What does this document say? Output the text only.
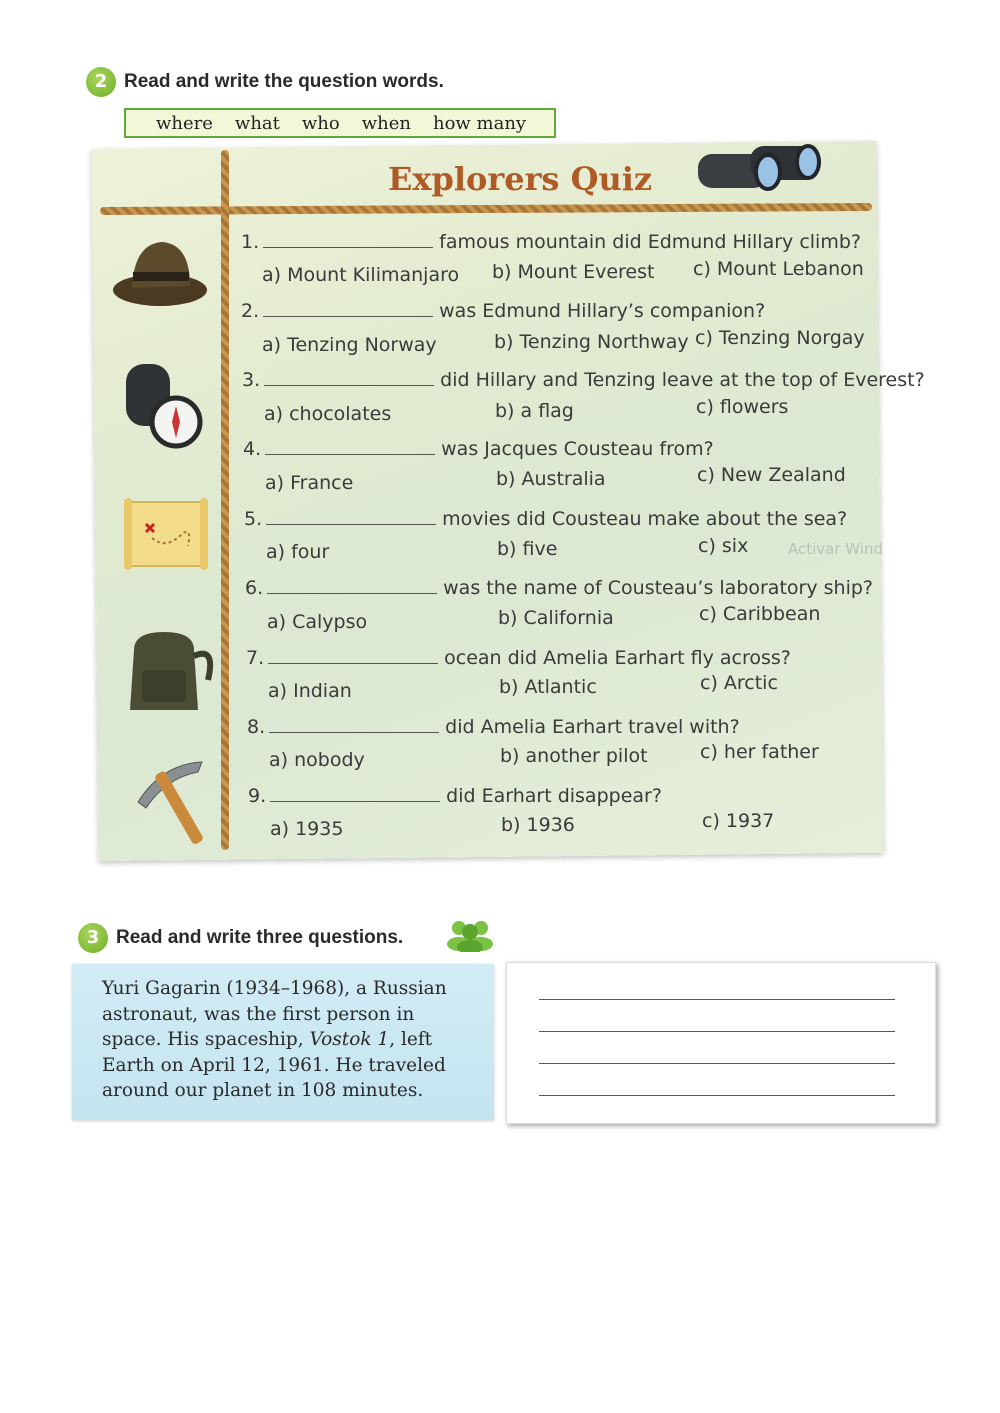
2 Read and write the question words.
where what who when how many
Explorers Quiz
1.	famous mountain did Edmund Hillary climb?
a) Mount Kilimanjaro b) Mount Everest c) Mount Lebanon
2.	was Edmund Hillary’s companion?
a) Tenzing Norway	b) Tenzing Northway c) Tenzing Norgay
3.	did Hillary and Tenzing leave at the top of Everest?
a) chocolates	b) a flag	c) flowers
4.	was Jacques Cousteau from?
a) France	b) Australia	c) New Zealand
5.	movies did Cousteau make about the sea?
a) four	b) five	c) six
6.	was the name of Cousteau’s laboratory ship?
a) Calypso	b) California	c) Caribbean
7.	ocean did Amelia Earhart fly across?
a) Indian	b) Atlantic	c) Arctic
8.	did Amelia Earhart travel with?
a) nobody	b) another pilot	c) her father
9.	did Earhart disappear?
a) 1935	b) 1936	c) 1937
Activar Wind
3 Read and write three questions.
Yuri Gagarin (1934–1968), a Russian astronaut, was the first person in space. His spaceship, Vostok 1, left Earth on April 12, 1961. He traveled around our planet in 108 minutes.
